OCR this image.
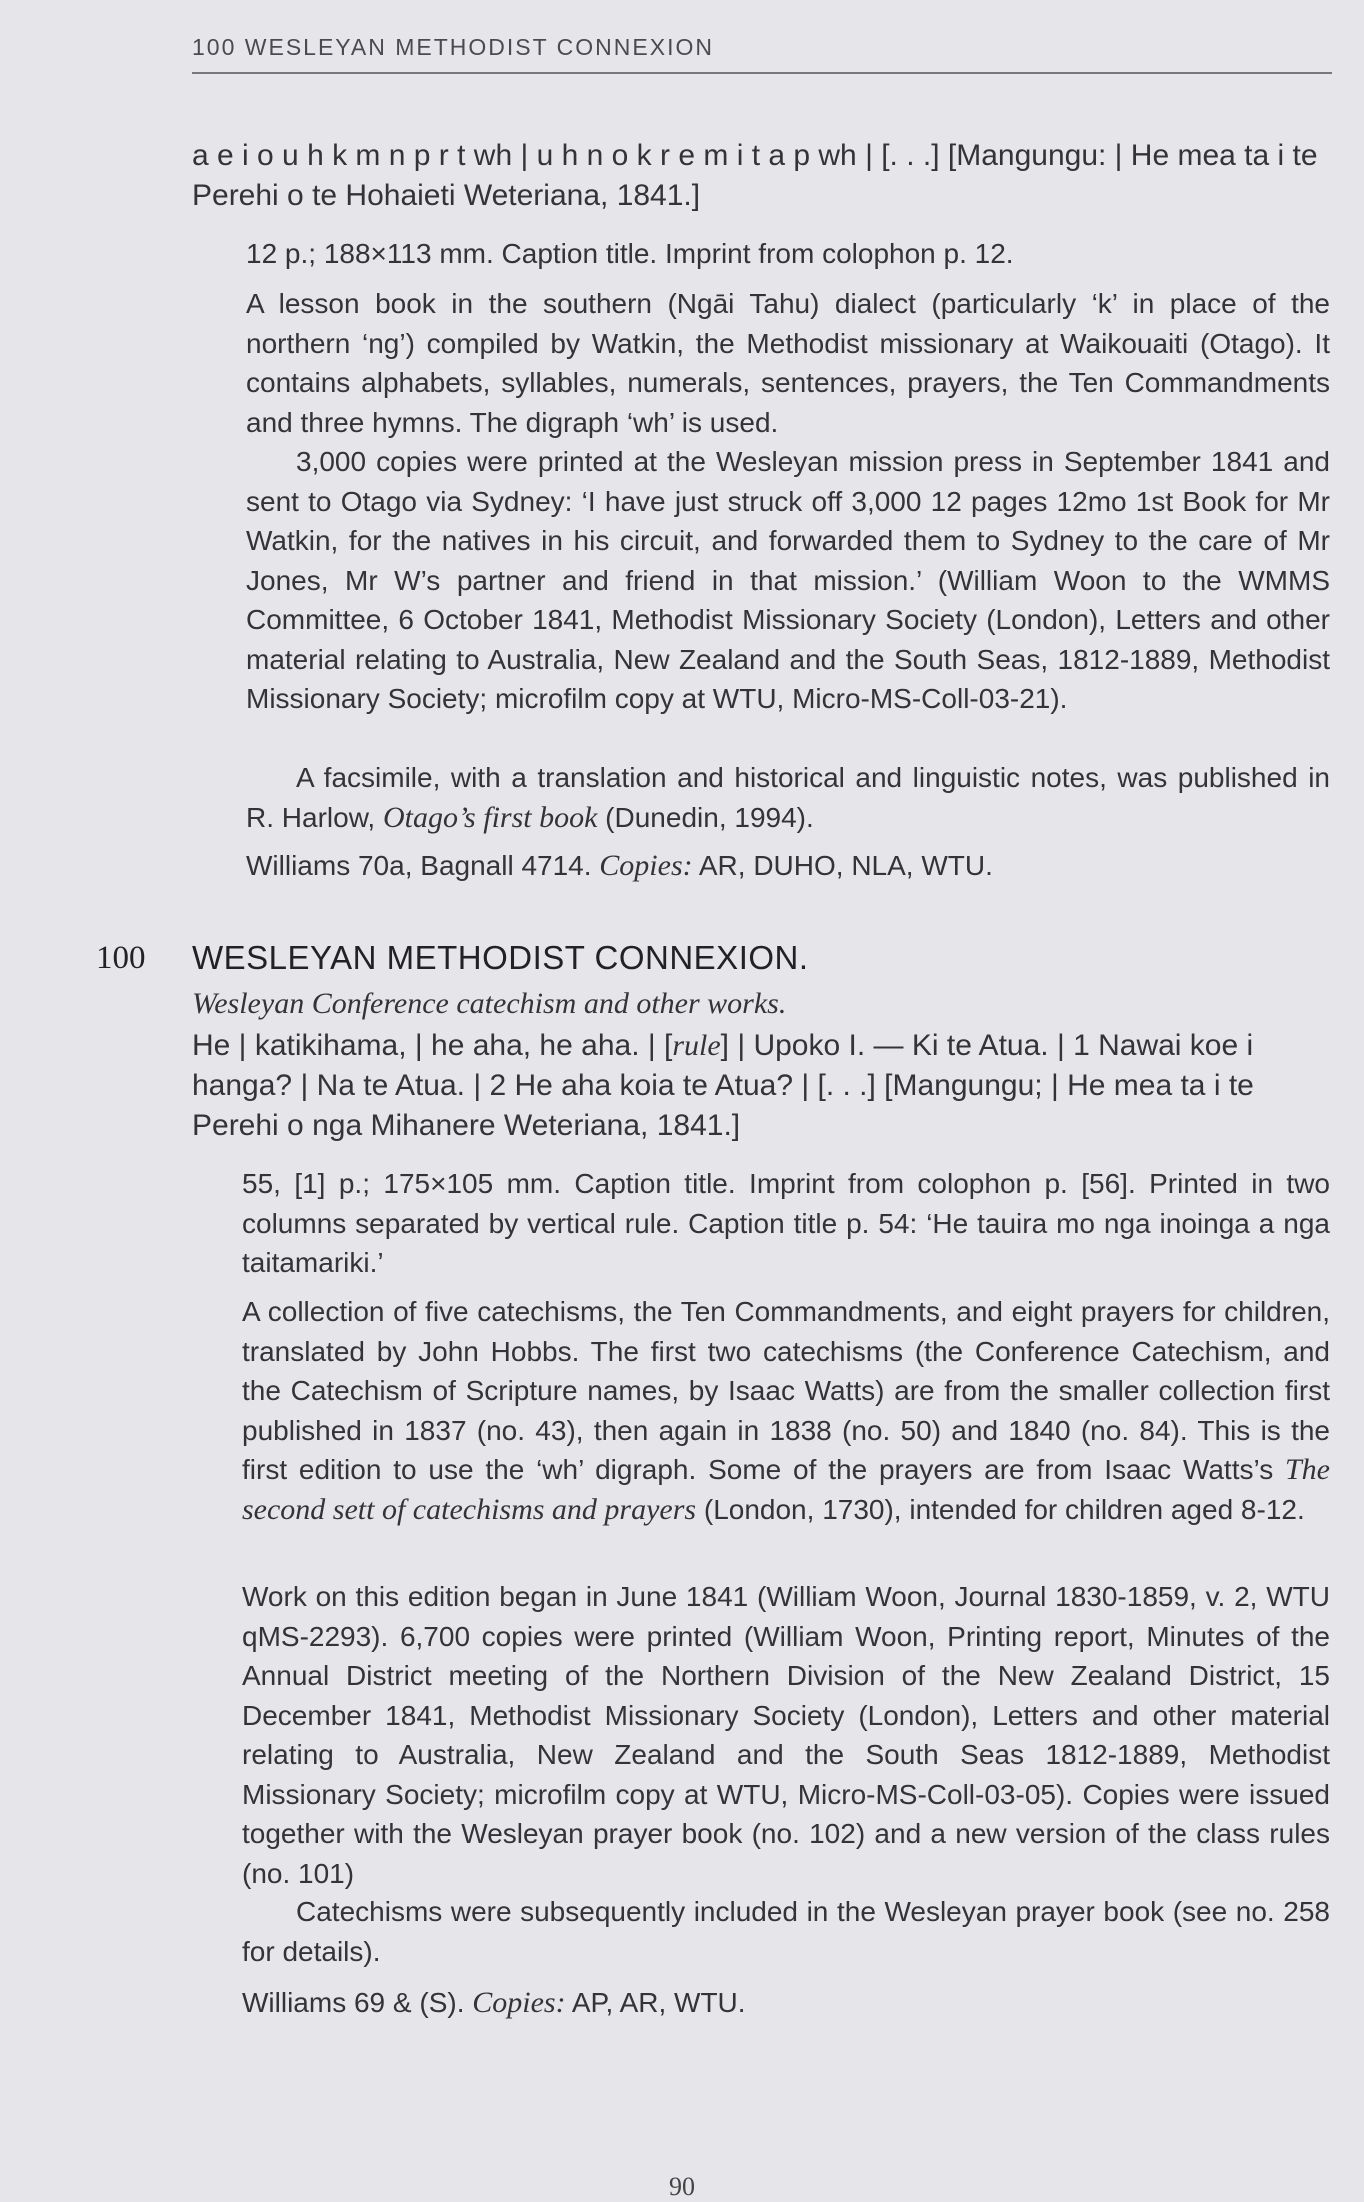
100 WESLEYAN METHODIST CONNEXION
a e i o u h k m n p r t wh | u h n o k r e m i t a p wh | [. . .] [Mangungu: | He mea ta i te Perehi o te Hohaieti Weteriana, 1841.]
12 p.; 188×113 mm. Caption title. Imprint from colophon p. 12.
A lesson book in the southern (Ngāi Tahu) dialect (particularly ‘k’ in place of the northern ‘ng’) compiled by Watkin, the Methodist missionary at Waikouaiti (Otago). It contains alphabets, syllables, numerals, sentences, prayers, the Ten Commandments and three hymns. The digraph ‘wh’ is used.
3,000 copies were printed at the Wesleyan mission press in September 1841 and sent to Otago via Sydney: ‘I have just struck off 3,000 12 pages 12mo 1st Book for Mr Watkin, for the natives in his circuit, and forwarded them to Sydney to the care of Mr Jones, Mr W’s partner and friend in that mission.’ (William Woon to the WMMS Committee, 6 October 1841, Methodist Missionary Society (London), Letters and other material relating to Australia, New Zealand and the South Seas, 1812-1889, Methodist Missionary Society; microfilm copy at WTU, Micro-MS-Coll-03-21).
A facsimile, with a translation and historical and linguistic notes, was published in R. Harlow, Otago’s first book (Dunedin, 1994).
Williams 70a, Bagnall 4714. Copies: AR, DUHO, NLA, WTU.
100 WESLEYAN METHODIST CONNEXION.
Wesleyan Conference catechism and other works.
He | katikihama, | he aha, he aha. | [rule] | Upoko I. — Ki te Atua. | 1 Nawai koe i hanga? | Na te Atua. | 2 He aha koia te Atua? | [. . .] [Mangungu; | He mea ta i te Perehi o nga Mihanere Weteriana, 1841.]
55, [1] p.; 175×105 mm. Caption title. Imprint from colophon p. [56]. Printed in two columns separated by vertical rule. Caption title p. 54: ‘He tauira mo nga inoinga a nga taitamariki.’
A collection of five catechisms, the Ten Commandments, and eight prayers for children, translated by John Hobbs. The first two catechisms (the Conference Catechism, and the Catechism of Scripture names, by Isaac Watts) are from the smaller collection first published in 1837 (no. 43), then again in 1838 (no. 50) and 1840 (no. 84). This is the first edition to use the ‘wh’ digraph. Some of the prayers are from Isaac Watts’s The second sett of catechisms and prayers (London, 1730), intended for children aged 8-12.
Work on this edition began in June 1841 (William Woon, Journal 1830-1859, v. 2, WTU qMS-2293). 6,700 copies were printed (William Woon, Printing report, Minutes of the Annual District meeting of the Northern Division of the New Zealand District, 15 December 1841, Methodist Missionary Society (London), Letters and other material relating to Australia, New Zealand and the South Seas 1812-1889, Methodist Missionary Society; microfilm copy at WTU, Micro-MS-Coll-03-05). Copies were issued together with the Wesleyan prayer book (no. 102) and a new version of the class rules (no. 101)
Catechisms were subsequently included in the Wesleyan prayer book (see no. 258 for details).
Williams 69 & (S). Copies: AP, AR, WTU.
90
